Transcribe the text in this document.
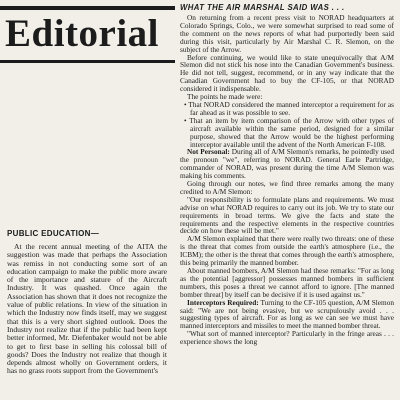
Editorial
PUBLIC EDUCATION—

At the recent annual meeting of the AITA the suggestion was made that perhaps the Association was remiss in not conducting some sort of an education campaign to make the public more aware of the importance and stature of the Aircraft Industry. It was quashed. Once again the Association has shown that it does not recognize the value of public relations. In view of the situation in which the Industry now finds itself, may we suggest that this is a very short sighted outlook. Does the Industry not realize that if the public had been kept better informed, Mr. Diefenbaker would not be able to get to first base in selling his colossal bill of goods? Does the Industry not realize that though it depends almost wholly on Government orders, it has no grass roots support from the Government's

WHAT THE AIR MARSHAL SAID WAS . . .

On returning from a recent press visit to NORAD headquarters at Colorado Springs, Colo., we were somewhat surprised to read some of the comment on the news reports of what had purportedly been said during this visit, particularly by Air Marshal C. R. Slemon, on the subject of the Arrow.

Before continuing, we would like to state unequivocally that A/M Slemon did not stick his nose into the Canadian Government's business. He did not tell, suggest, recommend, or in any way indicate that the Canadian Government had to buy the CF-105, or that NORAD considered it indispensable.

The points he made were:

• That NORAD considered the manned interceptor a requirement for as far ahead as it was possible to see.

• That an item by item comparison of the Arrow with other types of aircraft available within the same period, designed for a similar purpose, showed that the Arrow would be the highest performing interceptor available until the advent of the North American F-108.

Not Personal: During all of A/M Slemon's remarks, he pointedly used the pronoun "we", referring to NORAD. General Earle Partridge, commander of NORAD, was present during the time A/M Slemon was making his comments.

Going through our notes, we find three remarks among the many credited to A/M Slemon:

"Our responsibility is to formulate plans and requirements. We must advise on what NORAD requires to carry out its job. We try to state our requirements in broad terms. We give the facts and state the requirements and the respective elements in the respective countries decide on how these will be met."

A/M Slemon explained that there were really two threats: one of these is the threat that comes from outside the earth's atmosphere (i.e., the ICBM); the other is the threat that comes through the earth's atmosphere, this being primarily the manned bomber.

About manned bombers, A/M Slemon had these remarks: "For as long as the potential [aggressor] possesses manned bombers in sufficient numbers, this poses a threat we cannot afford to ignore. [The manned bomber threat] by itself can be decisive if it is used against us."

Interceptors Required: Turning to the CF-105 question, A/M Slemon said: "We are not being evasive, but we scrupulously avoid . . . suggesting types of aircraft. For as long as we can see we must have manned interceptors and missiles to meet the manned bomber threat.

"What sort of manned interceptor? Particularly in the fringe areas . . . experience shows the long
